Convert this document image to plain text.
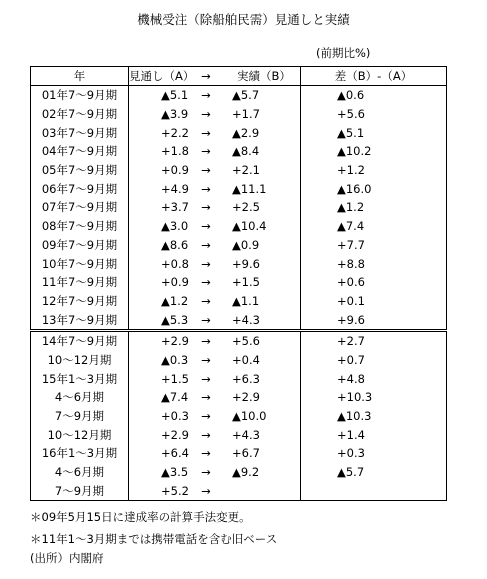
機械受注（除船舶民需）見通しと実績
(前期比%)
年	見通し（A）	→	実績（B）	差（B）-（A）
01年7～9月期	▲5.1	→	▲5.7	▲0.6
02年7～9月期	▲3.9	→	+1.7	+5.6
03年7～9月期	+2.2	→	▲2.9	▲5.1
04年7～9月期	+1.8	→	▲8.4	▲10.2
05年7～9月期	+0.9	→	+2.1	+1.2
06年7～9月期	+4.9	→	▲11.1	▲16.0
07年7～9月期	+3.7	→	+2.5	▲1.2
08年7～9月期	▲3.0	→	▲10.4	▲7.4
09年7～9月期	▲8.6	→	▲0.9	+7.7
10年7～9月期	+0.8	→	+9.6	+8.8
11年7～9月期	+0.9	→	+1.5	+0.6
12年7～9月期	▲1.2	→	▲1.1	+0.1
13年7～9月期	▲5.3	→	+4.3	+9.6
14年7～9月期	+2.9	→	+5.6	+2.7
10～12月期	▲0.3	→	+0.4	+0.7
15年1～3月期	+1.5	→	+6.3	+4.8
4～6月期	▲7.4	→	+2.9	+10.3
7～9月期	+0.3	→	▲10.0	▲10.3
10～12月期	+2.9	→	+4.3	+1.4
16年1～3月期	+6.4	→	+6.7	+0.3
4～6月期	▲3.5	→	▲9.2	▲5.7
7～9月期	+5.2	→		
＊09年5月15日に達成率の計算手法変更。
＊11年1～3月期までは携帯電話を含む旧ベース
(出所）内閣府
